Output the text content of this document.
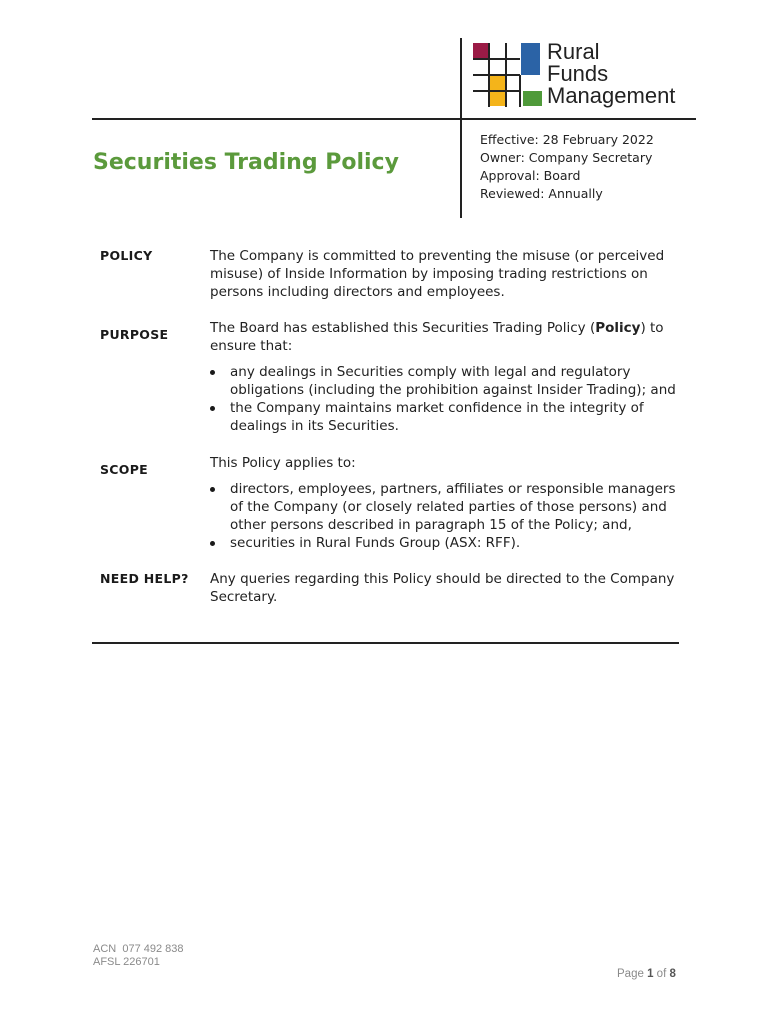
Rural
Funds
Management
Securities Trading Policy
Effective: 28 February 2022
Owner: Company Secretary
Approval: Board
Reviewed: Annually
POLICY	The Company is committed to preventing the misuse (or perceived misuse) of Inside Information by imposing trading restrictions on persons including directors and employees.

PURPOSE	The Board has established this Securities Trading Policy (Policy) to ensure that:

any dealings in Securities comply with legal and regulatory obligations (including the prohibition against Insider Trading); and
the Company maintains market confidence in the integrity of dealings in its Securities.
SCOPE	This Policy applies to:

directors, employees, partners, affiliates or responsible managers of the Company (or closely related parties of those persons) and other persons described in paragraph 15 of the Policy; and,
securities in Rural Funds Group (ASX: RFF).
NEED HELP? Any queries regarding this Policy should be directed to the Company Secretary.

ACN  077 492 838
AFSL 226701
Page 1 of 8
